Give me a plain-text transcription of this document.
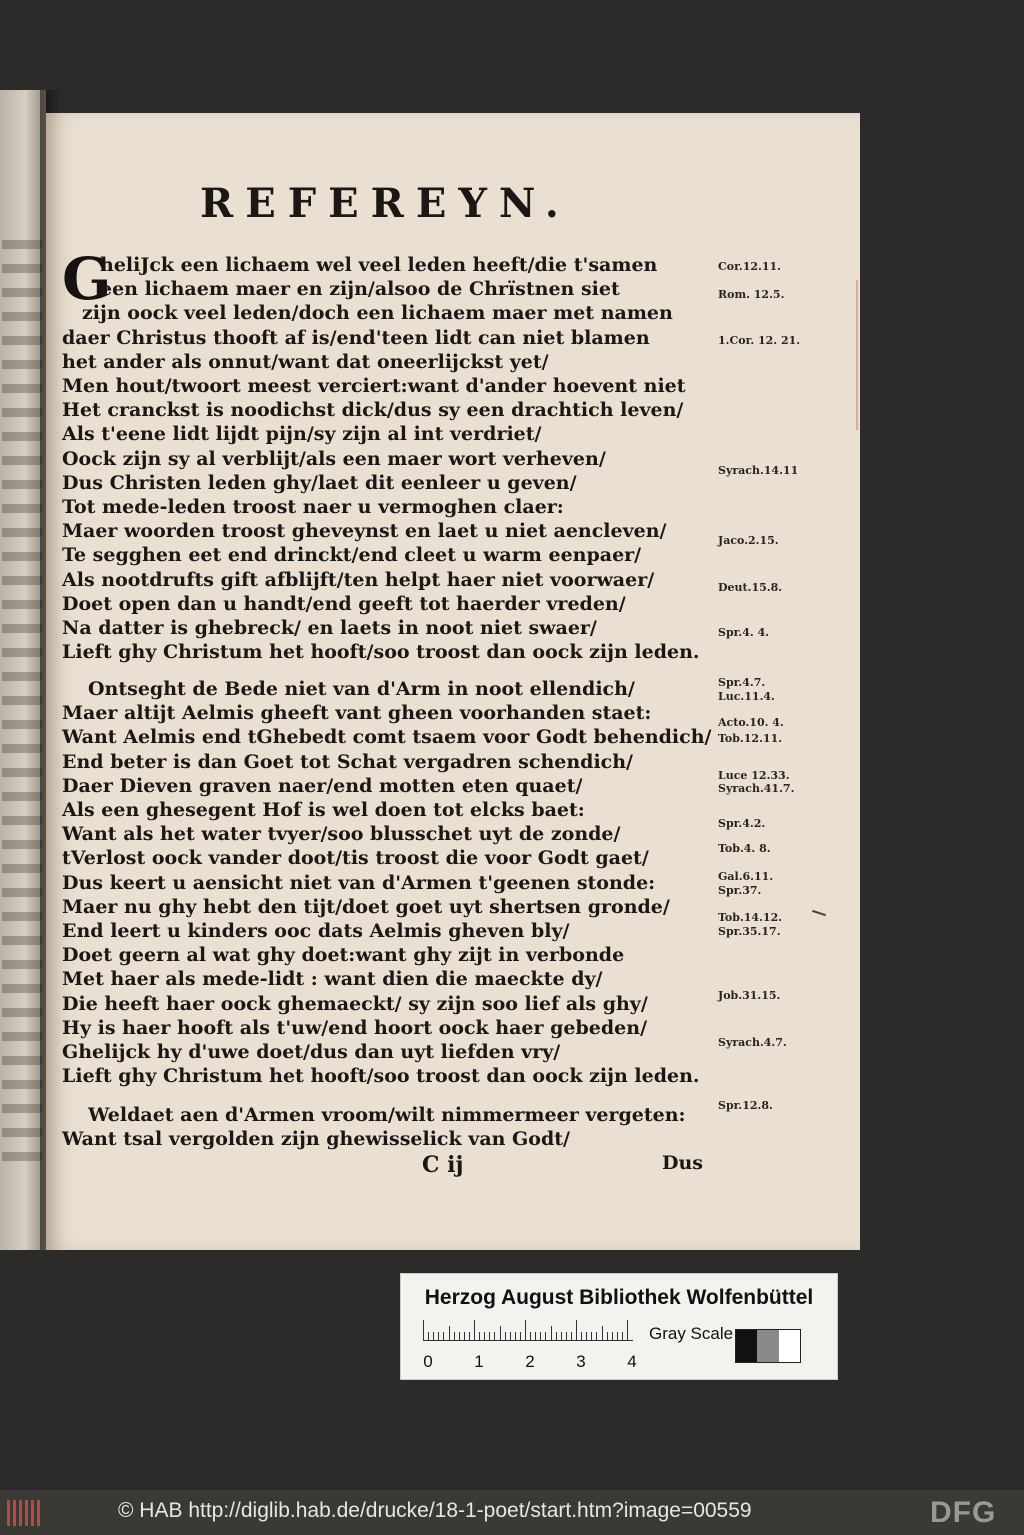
REFEREYN.
G
heliJck een lichaem wel veel leden heeft/die t'samen
een lichaem maer en zijn/alsoo de Chrïstnen siet
zijn oock veel leden/doch een lichaem maer met namen
daer Christus thooft af is/end'teen lidt can niet blamen
het ander als onnut/want dat oneerlijckst yet/
Men hout/twoort meest verciert:want d'ander hoevent niet
Het cranckst is noodichst dick/dus sy een drachtich leven/
Als t'eene lidt lijdt pijn/sy zijn al int verdriet/
Oock zijn sy al verblijt/als een maer wort verheven/
Dus Christen leden ghy/laet dit eenleer u geven/
Tot mede-leden troost naer u vermoghen claer:
Maer woorden troost gheveynst en laet u niet aencleven/
Te segghen eet end drinckt/end cleet u warm eenpaer/
Als nootdrufts gift afblijft/ten helpt haer niet voorwaer/
Doet open dan u handt/end geeft tot haerder vreden/
Na datter is ghebreck/ en laets in noot niet swaer/
Lieft ghy Christum het hooft/soo troost dan oock zijn leden.
Ontseght de Bede niet van d'Arm in noot ellendich/
Maer altijt Aelmis gheeft vant gheen voorhanden staet:
Want Aelmis end tGhebedt comt tsaem voor Godt behendich/
End beter is dan Goet tot Schat vergadren schendich/
Daer Dieven graven naer/end motten eten quaet/
Als een ghesegent Hof is wel doen tot elcks baet:
Want als het water tvyer/soo blusschet uyt de zonde/
tVerlost oock vander doot/tis troost die voor Godt gaet/
Dus keert u aensicht niet van d'Armen t'geenen stonde:
Maer nu ghy hebt den tijt/doet goet uyt shertsen gronde/
End leert u kinders ooc dats Aelmis gheven bly/
Doet geern al wat ghy doet:want ghy zijt in verbonde
Met haer als mede-lidt : want dien die maeckte dy/
Die heeft haer oock ghemaeckt/ sy zijn soo lief als ghy/
Hy is haer hooft als t'uw/end hoort oock haer gebeden/
Ghelijck hy d'uwe doet/dus dan uyt liefden vry/
Lieft ghy Christum het hooft/soo troost dan oock zijn leden.
Weldaet aen d'Armen vroom/wilt nimmermeer vergeten:
Want tsal vergolden zijn ghewisselick van Godt/
Cor.12.11.
Rom. 12.5.
1.Cor. 12. 21.
Syrach.14.11
Jaco.2.15.
Deut.15.8.
Spr.4. 4.
Spr.4.7.
Luc.11.4.
Acto.10. 4.
Tob.12.11.
Luce 12.33.
Syrach.41.7.
Spr.4.2.
Tob.4. 8.
Gal.6.11.
Spr.37.
Tob.14.12.
Spr.35.17.
Job.31.15.
Syrach.4.7.
Spr.12.8.
C ij	Dus
Herzog August Bibliothek Wolfenbüttel
0	1	2	3	4
Gray Scale
© HAB http://diglib.hab.de/drucke/18-1-poet/start.htm?image=00559	DFG
